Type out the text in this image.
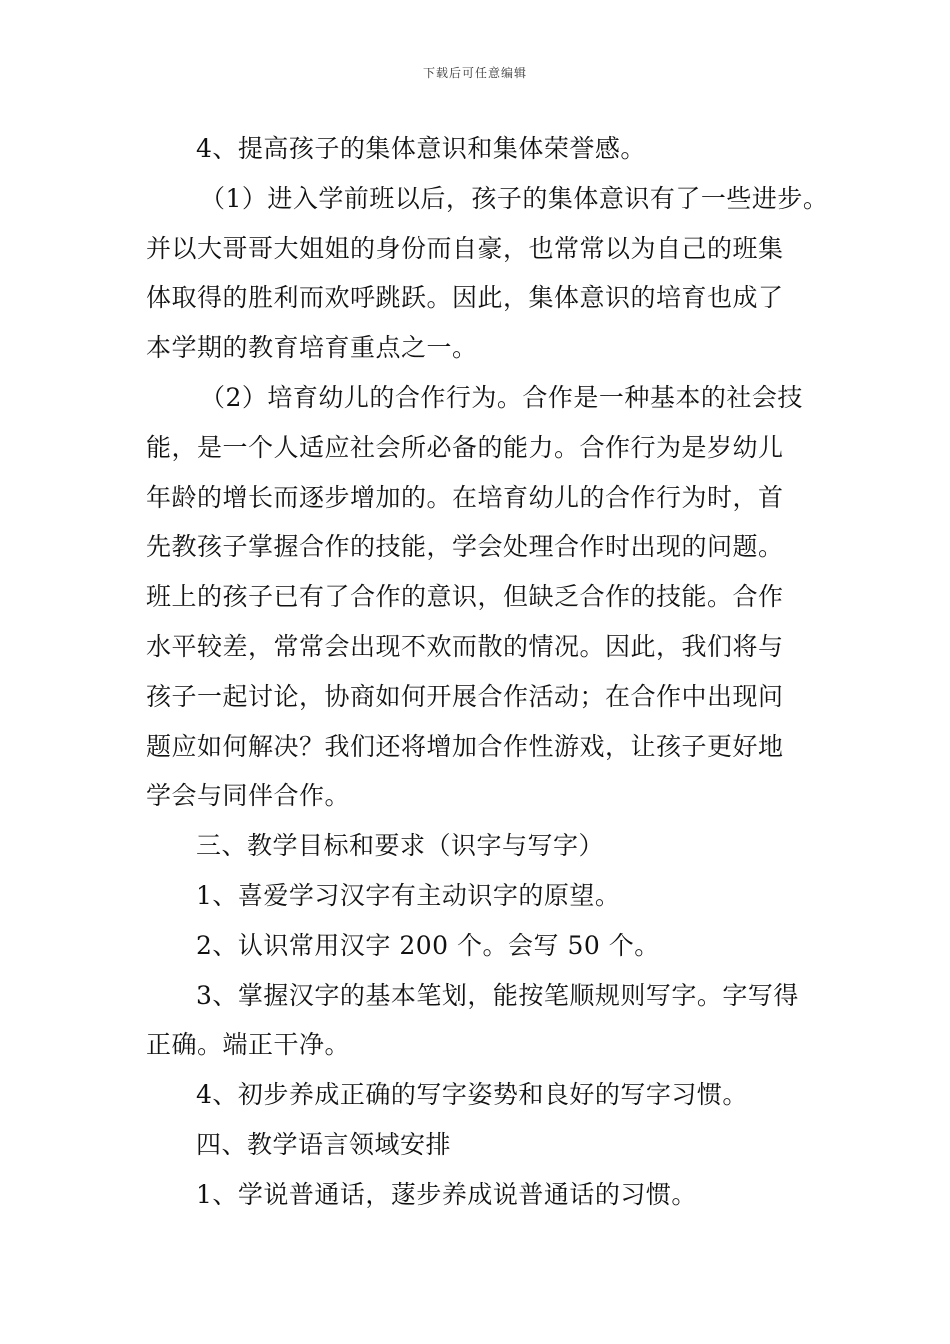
下载后可任意编辑
4、提高孩子的集体意识和集体荣誉感。
（1）进入学前班以后，孩子的集体意识有了一些进步。
并以大哥哥大姐姐的身份而自豪，也常常以为自己的班集
体取得的胜利而欢呼跳跃。因此，集体意识的培育也成了
本学期的教育培育重点之一。
（2）培育幼儿的合作行为。合作是一种基本的社会技
能，是一个人适应社会所必备的能力。合作行为是岁幼儿
年龄的增长而逐步增加的。在培育幼儿的合作行为时，首
先教孩子掌握合作的技能，学会处理合作时出现的问题。
班上的孩子已有了合作的意识，但缺乏合作的技能。合作
水平较差，常常会出现不欢而散的情况。因此，我们将与
孩子一起讨论，协商如何开展合作活动；在合作中出现问
题应如何解决？我们还将增加合作性游戏，让孩子更好地
学会与同伴合作。
三、教学目标和要求（识字与写字）
1、喜爱学习汉字有主动识字的原望。
2、认识常用汉字 200 个。会写 50 个。
3、掌握汉字的基本笔划，能按笔顺规则写字。字写得
正确。端正干净。
4、初步养成正确的写字姿势和良好的写字习惯。
四、教学语言领域安排
1、学说普通话，蓫步养成说普通话的习惯。
